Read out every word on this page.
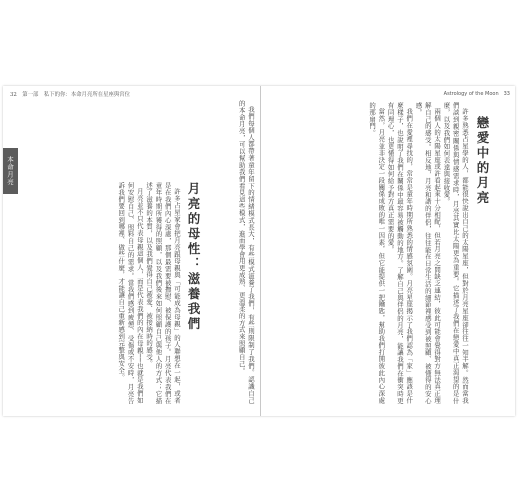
32　第一部　私下的你：本命月亮所在星座與宮位
本命月亮
月亮的母性：滋養我們

許多占星家會把月亮跟母親與「可能成為母親」的人聯想在一起，或者是在我們內心深處，那個最需要被撫慰、被保護的孩子。月亮代表我們在童年時期所獲得的照顧，以及我們後來如何照顧自己與他人的方式；它描述了滋養的本質，以及我們覺得自己被愛、被接納時的感受。

月亮並不只代表母親這個人，而是代表我們的內在母親──也就是我們如何安慰自己、照料自己的需求。當我們感到疲憊、受傷或不安時，月亮告訴我們要回到哪裡、做些什麼，才能讓自己重新感到完整與安全。	我們每個人都帶著童年留下的情緒模式長大，有些模式滋養了我們，有些則限制了我們。認識自己的本命月亮，可以幫助我們看見這些模式，進而學會用更成熟、更溫柔的方式來照顧自己。

Astrology of the Moon　33
戀愛中的月亮

許多熟悉占星學的人，都能很快說出自己的太陽星座，但對於月亮星座卻往往一知半解。然而當我們談到親密關係與情感需求時，月亮其實比太陽更為重要。它描述了我們在戀愛中真正渴望的是什麼，以及我們如何表達與接收愛。

兩個人的太陽星座或許看起來十分相配，但若月亮之間缺乏連結，彼此可能會覺得對方無法真正理解自己的感受。相反地，月亮和諧的伴侶，往往能在日常生活的細節裡感受到被照顧、被懂得的安心感。

我們在愛裡尋找的，常常是童年時期所熟悉的情感氛圍。月亮星座揭示了我們認為「家」應該是什麼樣子，也說明了我們在關係中最容易被觸動的地方。了解自己與伴侶的月亮，能讓我們在衝突時更有同理心，也更懂得如何給予對方真正需要的愛。

當然，月亮並非決定一段關係成敗的唯一因素，但它能提供一把鑰匙，幫助我們打開彼此內心深處的那扇門。
